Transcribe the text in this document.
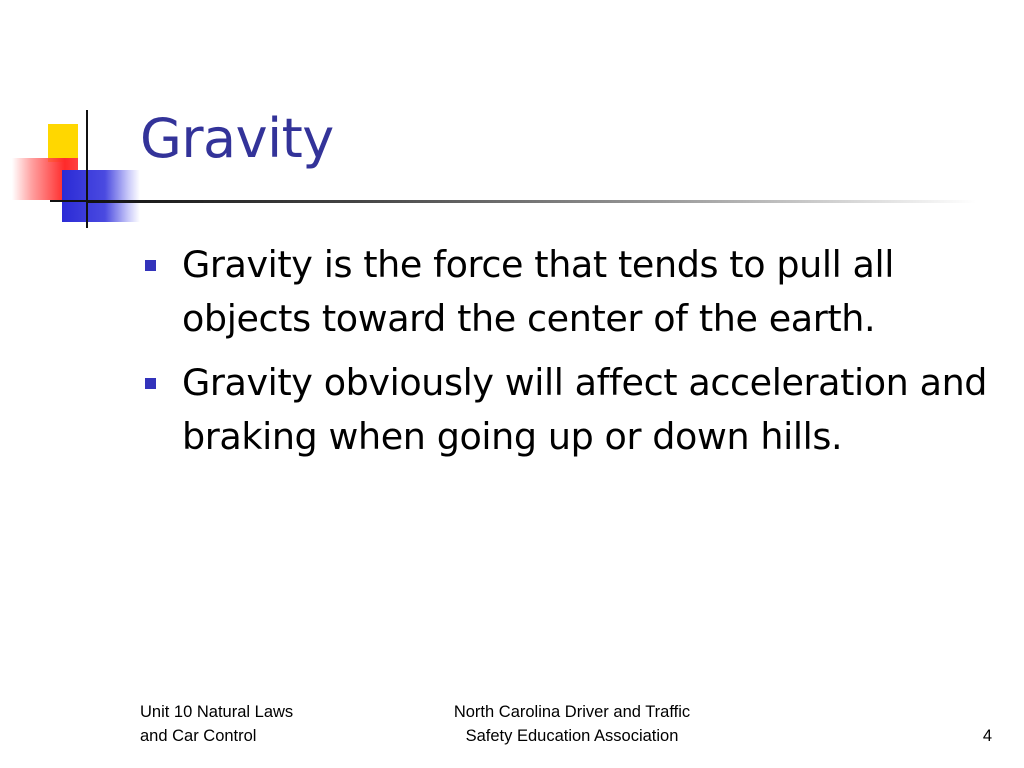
Gravity
Gravity is the force that tends to pull all objects toward the center of the earth.
Gravity obviously will affect acceleration and braking when going up or down hills.
Unit 10 Natural Laws
and Car Control
North Carolina Driver and Traffic
Safety Education Association	4
